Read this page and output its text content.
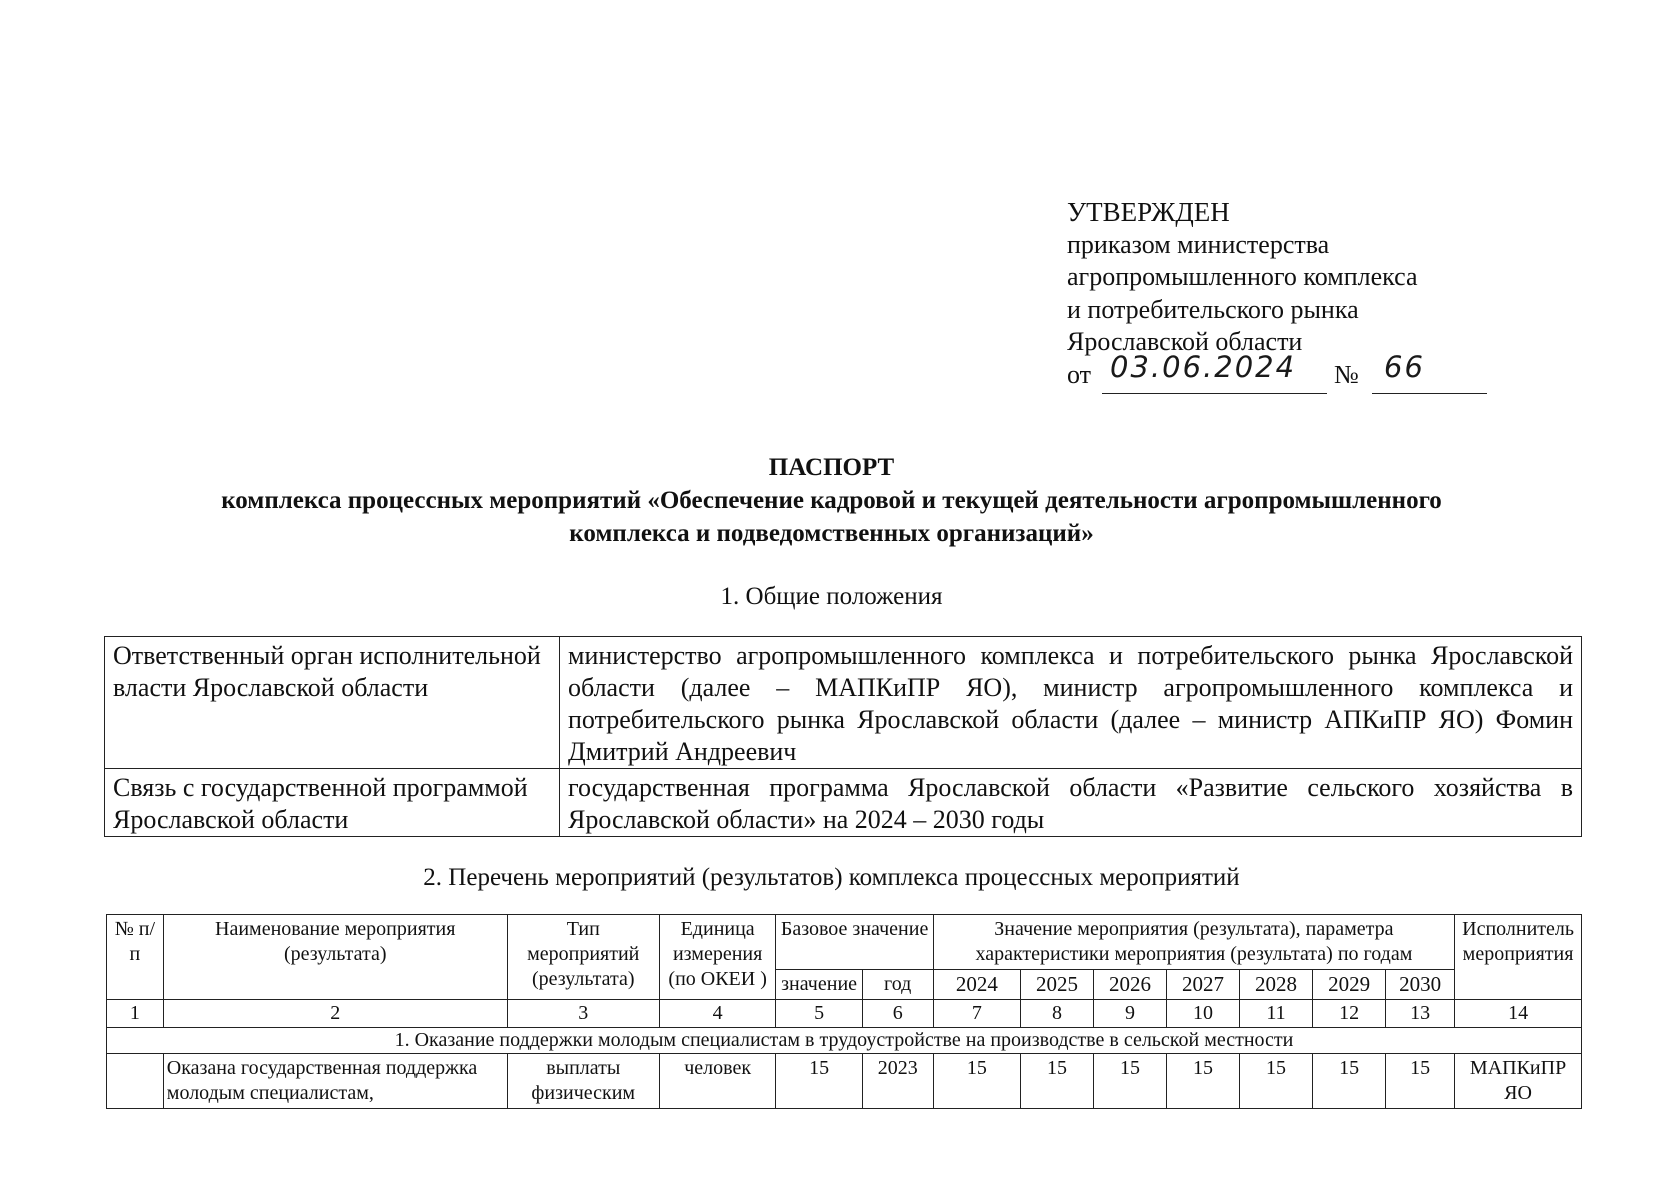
УТВЕРЖДЕН
приказом министерства
агропромышленного комплекса
и потребительского рынка
Ярославской области
от 03.06.2024 № 66
ПАСПОРТ
комплекса процессных мероприятий «Обеспечение кадровой и текущей деятельности агропромышленного
комплекса и подведомственных организаций»
1. Общие положения
Ответственный орган исполнительной власти Ярославской области	министерство агропромышленного комплекса и потребительского рынка Ярославской области (далее – МАПКиПР ЯО), министр агропромышленного комплекса и потребительского рынка Ярославской области (далее – министр АПКиПР ЯО) Фомин Дмитрий Андреевич
Связь с государственной программой Ярославской области	государственная программа Ярославской области «Развитие сельского хозяйства в Ярославской области» на 2024 – 2030 годы
2. Перечень мероприятий (результатов) комплекса процессных мероприятий
№ п/п	Наименование мероприятия (результата)	Тип мероприятий (результата)	Единица измерения (по ОКЕИ )	Базовое значение		Значение мероприятия (результата), параметра характеристики мероприятия (результата) по годам							Исполнитель мероприятия
				значение	год	2024	2025	2026	2027	2028	2029	2030	
1	2	3	4	5	6	7	8	9	10	11	12	13	14
1. Оказание поддержки молодым специалистам в трудоустройстве на производстве в сельской местности													
	Оказана государственная поддержка молодым специалистам,	выплаты физическим	человек	15	2023	15	15	15	15	15	15	15	МАПКиПР ЯО
